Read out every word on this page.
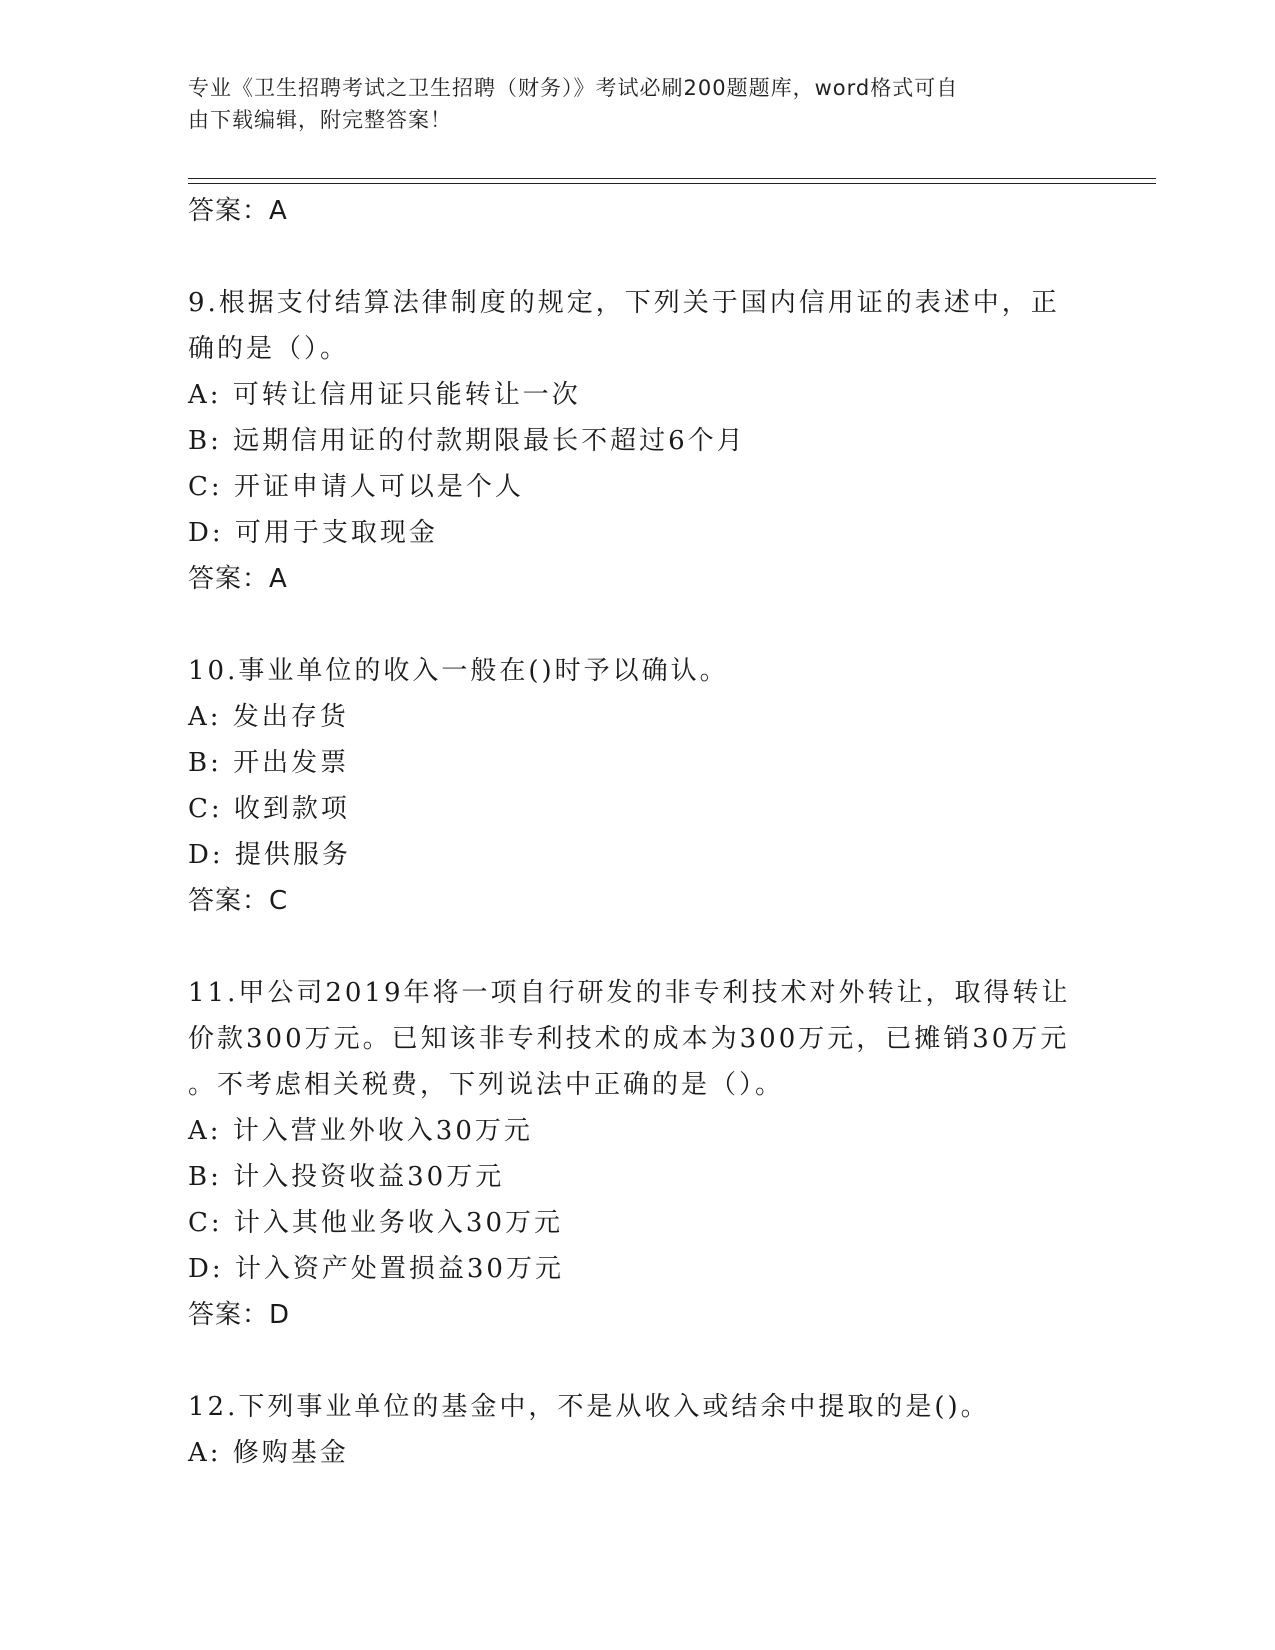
专业《卫生招聘考试之卫生招聘（财务）》考试必刷200题题库，word格式可自
由下载编辑，附完整答案！
答案：A
9.根据支付结算法律制度的规定，下列关于国内信用证的表述中，正
确的是（）。
A: 可转让信用证只能转让一次
B: 远期信用证的付款期限最长不超过6个月
C: 开证申请人可以是个人
D: 可用于支取现金
答案：A
10.事业单位的收入一般在()时予以确认。
A: 发出存货
B: 开出发票
C: 收到款项
D: 提供服务
答案：C
11.甲公司2019年将一项自行研发的非专利技术对外转让，取得转让
价款300万元。已知该非专利技术的成本为300万元，已摊销30万元
。不考虑相关税费，下列说法中正确的是（）。
A: 计入营业外收入30万元
B: 计入投资收益30万元
C: 计入其他业务收入30万元
D: 计入资产处置损益30万元
答案：D
12.下列事业单位的基金中，不是从收入或结余中提取的是()。
A: 修购基金
